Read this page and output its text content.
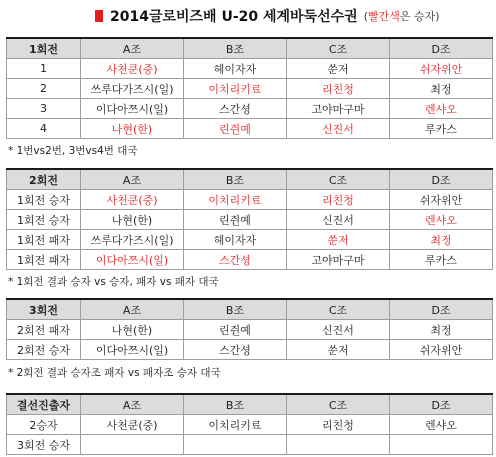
2014글로비즈배 U-20 세계바둑선수권 (빨간색은 승자)
1회전	A조	B조	C조	D조
1	사천쿤(중)	헤이자자	쑨저	쉬자위안
2	쓰루다가즈시(일)	이치리키료	리친청	최정
3	이다아쯔시(일)	스간셩	고야마구마	렌샤오
4	나현(한)	린쥔예	신진서	루카스
2회전	A조	B조	C조	D조
1회전 승자	사천쿤(중)	이치리키료	리친청	쉬자위안
1회전 승자	나현(한)	린쥔예	신진서	렌샤오
1회전 패자	쓰루다가즈시(일)	헤이자자	쑨저	최정
1회전 패자	이다아쯔시(일)	스간셩	고야마구마	루카스
3회전	A조	B조	C조	D조
2회전 패자	나현(한)	린쥔예	신진서	최정
2회전 승자	이다아쯔시(일)	스간셩	쑨저	쉬자위안
결선진출자	A조	B조	C조	D조
2승자	사천쿤(중)	이치리키료	리친청	렌샤오
3회전 승자				
* 1번vs2번, 3번vs4번 대국
* 1회전 결과 승자 vs 승자, 패자 vs 패자 대국
* 2회전 결과 승자조 패자 vs 패자조 승자 대국
